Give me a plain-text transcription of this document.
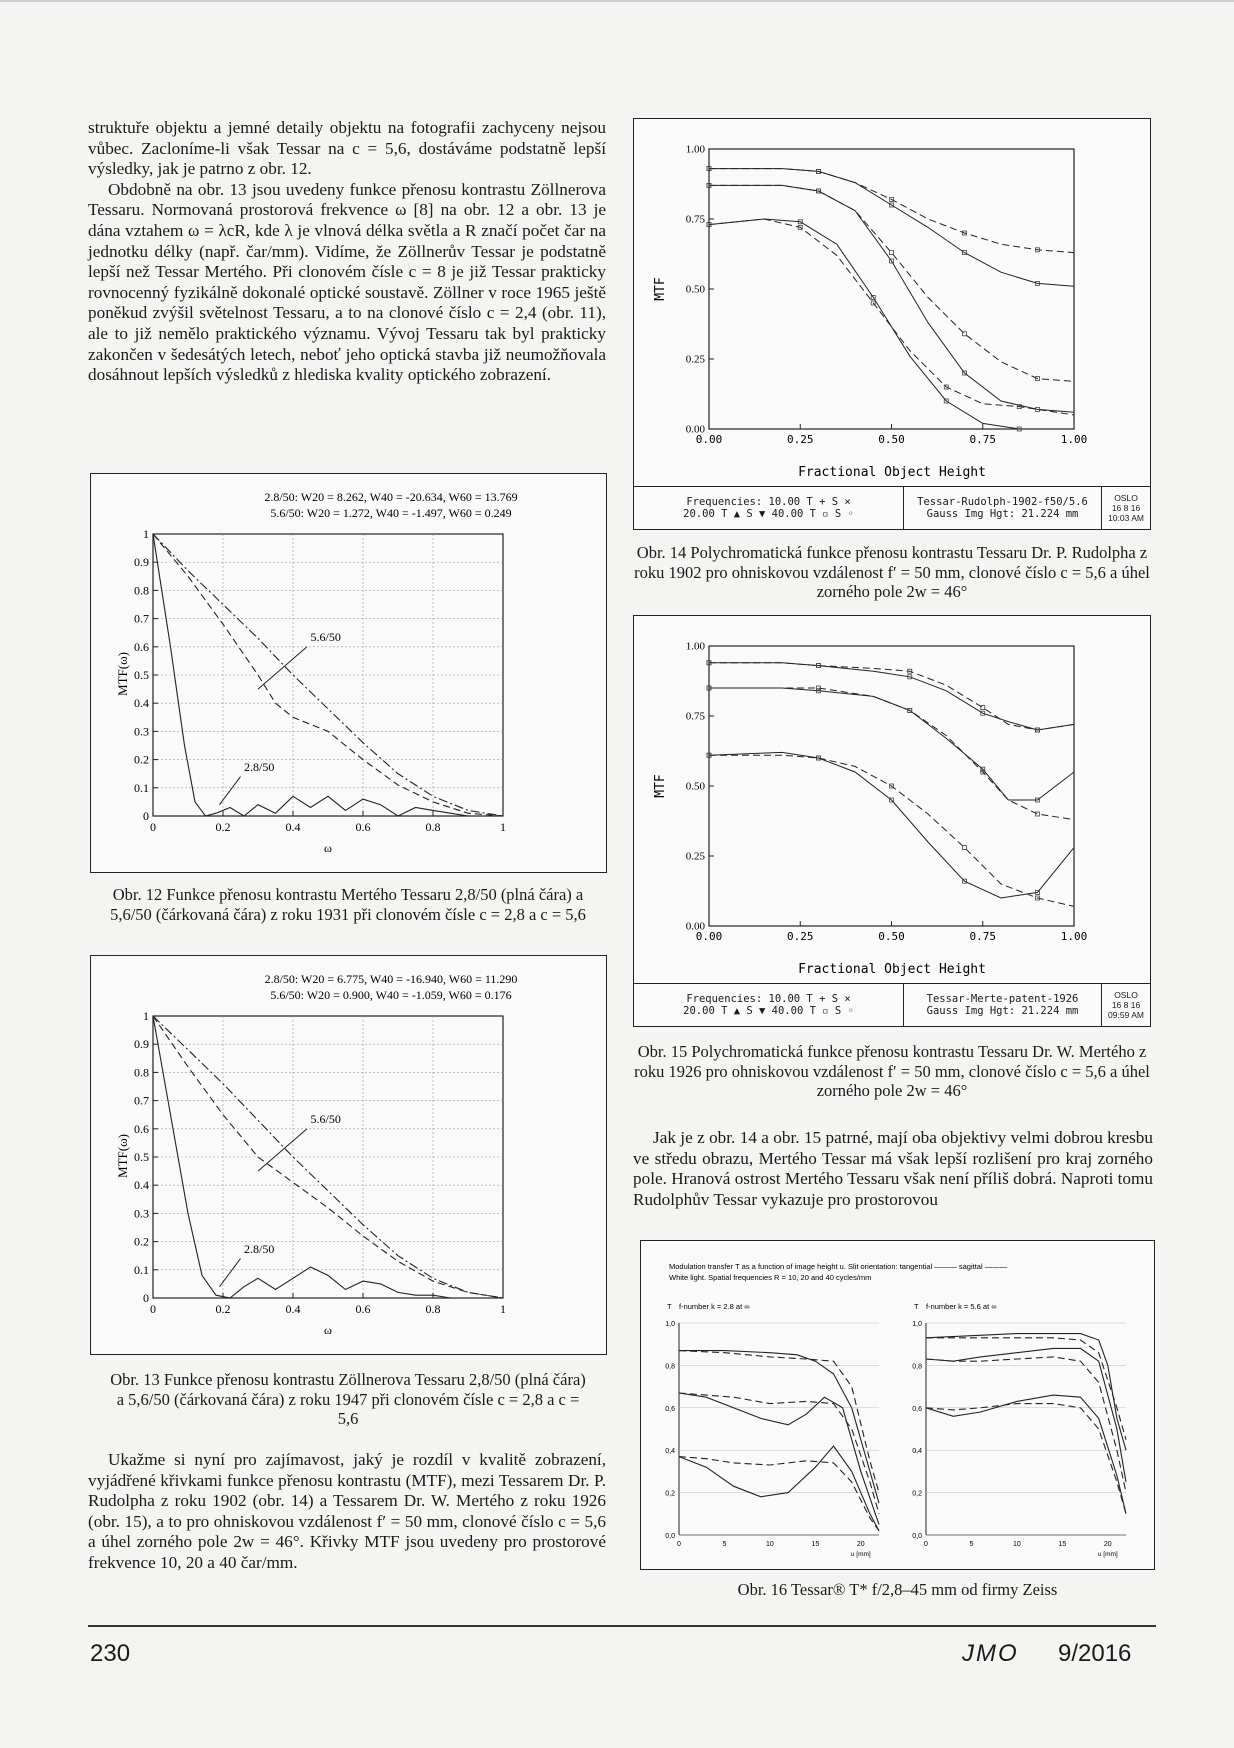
struktuře objektu a jemné detaily objektu na fotografii zachyceny nejsou vůbec. Zacloníme-li však Tessar na c = 5,6, dostáváme podstatně lepší výsledky, jak je patrno z obr. 12.

Obdobně na obr. 13 jsou uvedeny funkce přenosu kontrastu Zöllnerova Tessaru. Normovaná prostorová frekvence ω [8] na obr. 12 a obr. 13 je dána vztahem ω = λcR, kde λ je vlnová délka světla a R značí počet čar na jednotku délky (např. čar/mm). Vidíme, že Zöllnerův Tessar je podstatně lepší než Tessar Mertého. Při clonovém čísle c = 8 je již Tessar prakticky rovnocenný fyzikálně dokonalé optické soustavě. Zöllner v roce 1965 ještě poněkud zvýšil světelnost Tessaru, a to na clonové číslo c = 2,4 (obr. 11), ale to již nemělo praktického významu. Vývoj Tessaru tak byl prakticky zakončen v šedesátých letech, neboť jeho optická stavba již neumožňovala dosáhnout lepších výsledků z hlediska kvality optického zobrazení.

2.8/50: W20 = 8.262, W40 = -20.634, W60 = 13.769
5.6/50: W20 = 1.272, W40 = -1.497, W60 = 0.249
0	0.2	0.4	0.6	0.8	1
0
0.1
0.2
0.3
0.4
0.5
0.6
0.7
0.8
0.9
1
ω
MTF(ω)
5.6/50
2.8/50
Obr. 12 Funkce přenosu kontrastu Mertého Tessaru 2,8/50 (plná čára) a 5,6/50 (čárkovaná čára) z roku 1931 při clonovém čísle c = 2,8 a c = 5,6
2.8/50: W20 = 6.775, W40 = -16.940, W60 = 11.290
5.6/50: W20 = 0.900, W40 = -1.059, W60 = 0.176
0	0.2	0.4	0.6	0.8	1
0
0.1
0.2
0.3
0.4
0.5
0.6
0.7
0.8
0.9
1
ω
MTF(ω)
5.6/50
2.8/50
Obr. 13 Funkce přenosu kontrastu Zöllnerova Tessaru 2,8/50 (plná čára) a 5,6/50 (čárkovaná čára) z roku 1947 při clonovém čísle c = 2,8 a c = 5,6

Ukažme si nyní pro zajímavost, jaký je rozdíl v kvalitě zobrazení, vyjádřené křivkami funkce přenosu kontrastu (MTF), mezi Tessarem Dr. P. Rudolpha z roku 1902 (obr. 14) a Tessarem Dr. W. Mertého z roku 1926 (obr. 15), a to pro ohniskovou vzdálenost f′ = 50 mm, clonové číslo c = 5,6 a úhel zorného pole 2w = 46°. Křivky MTF jsou uvedeny pro prostorové frekvence 10, 20 a 40 čar/mm.

0.00	0.25	0.50	0.75	1.00
0.00
0.25
0.50
0.75
1.00
Fractional Object Height
MTF
Frequencies: 10.00 T + S ×
20.00 T ▲ S ▼ 40.00 T ▫ S ◦
Tessar-Rudolph-1902-f50/5.6
Gauss Img Hgt: 21.224 mm
OSLO
16 8 16
10:03 AM
Obr. 14 Polychromatická funkce přenosu kontrastu Tessaru Dr. P. Rudolpha z roku 1902 pro ohniskovou vzdálenost f′ = 50 mm, clonové číslo c = 5,6 a úhel zorného pole 2w = 46°
0.00	0.25	0.50	0.75	1.00
0.00
0.25
0.50
0.75
1.00
Fractional Object Height
MTF
Frequencies: 10.00 T + S ×
20.00 T ▲ S ▼ 40.00 T ▫ S ◦
Tessar-Merte-patent-1926
Gauss Img Hgt: 21.224 mm
OSLO
16 8 16
09:59 AM
Obr. 15 Polychromatická funkce přenosu kontrastu Tessaru Dr. W. Mertého z roku 1926 pro ohniskovou vzdálenost f′ = 50 mm, clonové číslo c = 5,6 a úhel zorného pole 2w = 46°

Jak je z obr. 14 a obr. 15 patrné, mají oba objektivy velmi dobrou kresbu ve středu obrazu, Mertého Tessar má však lepší rozlišení pro kraj zorného pole. Hranová ostrost Mertého Tessaru však není příliš dobrá. Naproti tomu Rudolphův Tessar vykazuje pro prostorovou

Modulation transfer T as a function of image height u. Slit orientation: tangential ——— sagittal ———
White light. Spatial frequencies R = 10, 20 and 40 cycles/mm
T f-number k = 2.8 at ∞
0,0
0,2
0,4
0,6
0,8
1,0
0	5	10	15	20
u [mm]
T f-number k = 5.6 at ∞
0,0
0,2
0,4
0,6
0,8
1,0
0	5	10	15	20
u [mm]
Obr. 16 Tessar® T* f/2,8–45 mm od firmy Zeiss
230	JMO 9/2016
